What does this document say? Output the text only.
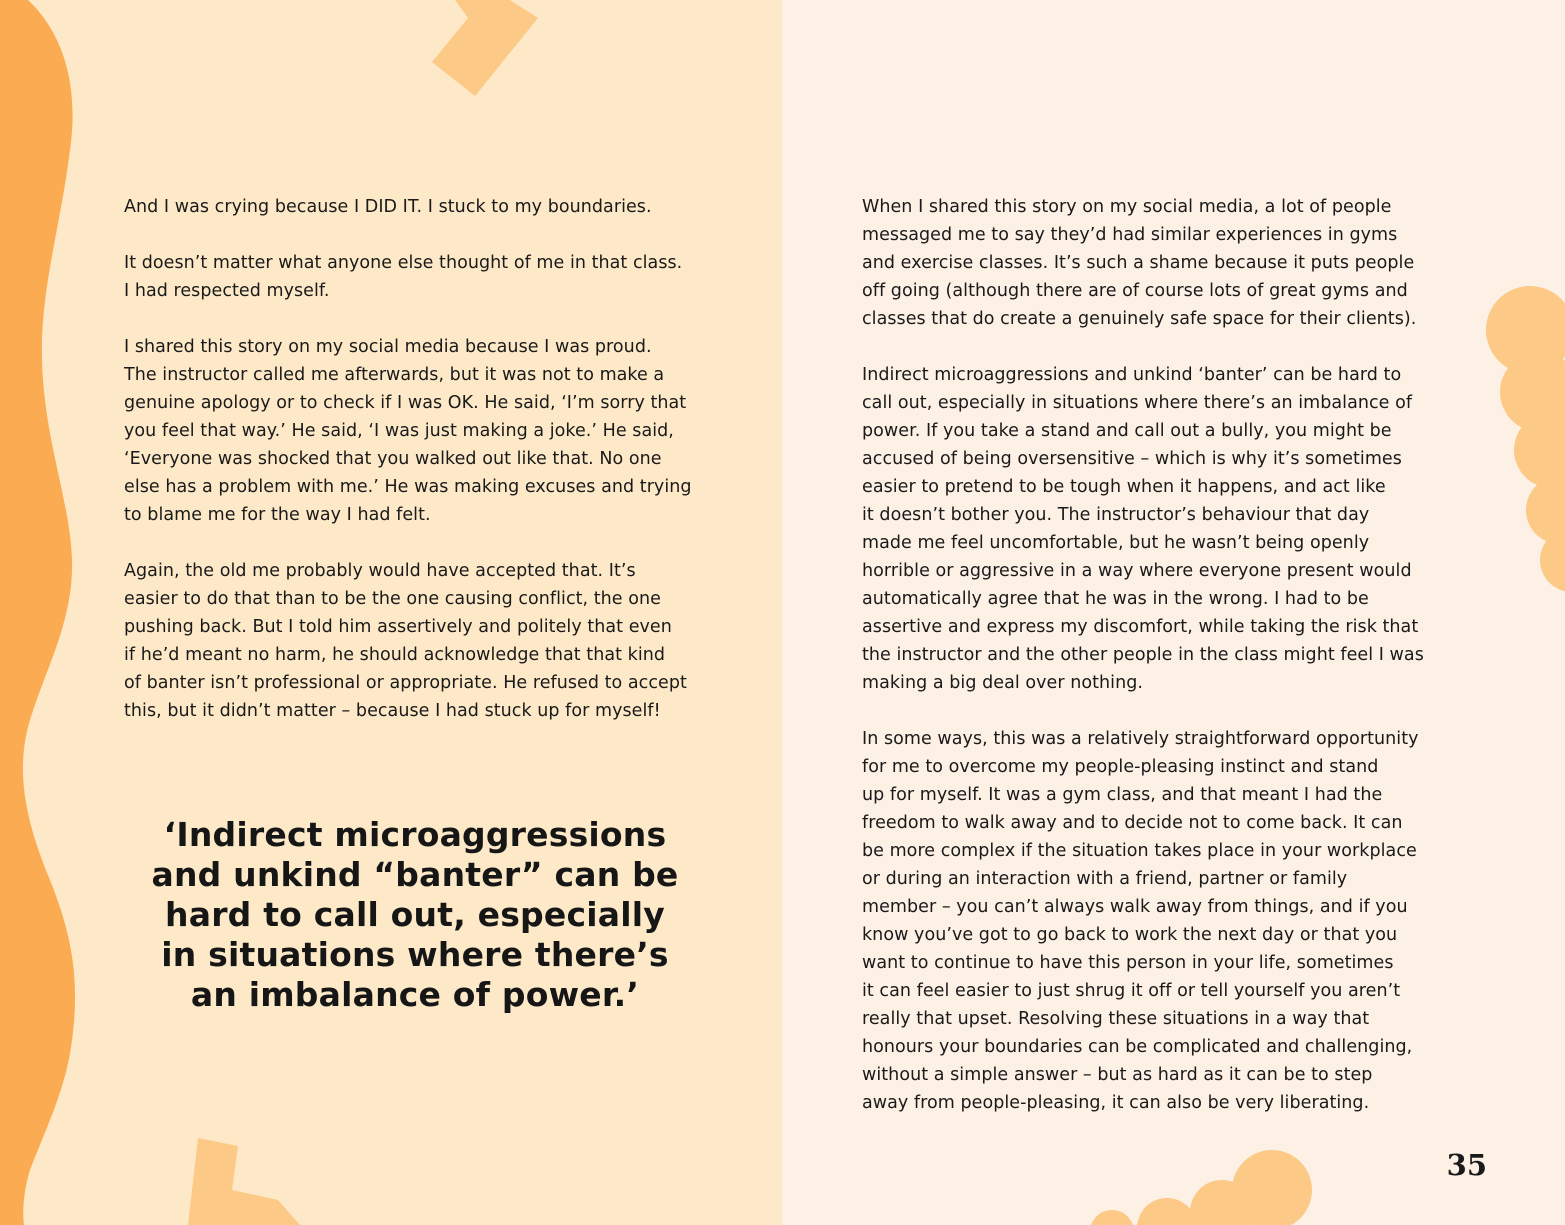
And I was crying because I DID IT. I stuck to my boundaries.

It doesn’t matter what anyone else thought of me in that class.
I had respected myself.

I shared this story on my social media because I was proud.
The instructor called me afterwards, but it was not to make a
genuine apology or to check if I was OK. He said, ‘I’m sorry that
you feel that way.’ He said, ‘I was just making a joke.’ He said,
‘Everyone was shocked that you walked out like that. No one
else has a problem with me.’ He was making excuses and trying
to blame me for the way I had felt.

Again, the old me probably would have accepted that. It’s
easier to do that than to be the one causing conflict, the one
pushing back. But I told him assertively and politely that even
if he’d meant no harm, he should acknowledge that that kind
of banter isn’t professional or appropriate. He refused to accept
this, but it didn’t matter – because I had stuck up for myself!

‘Indirect microaggressions
and unkind “banter” can be
hard to call out, especially
in situations where there’s
an imbalance of power.’

When I shared this story on my social media, a lot of people
messaged me to say they’d had similar experiences in gyms
and exercise classes. It’s such a shame because it puts people
off going (although there are of course lots of great gyms and
classes that do create a genuinely safe space for their clients).

Indirect microaggressions and unkind ‘banter’ can be hard to
call out, especially in situations where there’s an imbalance of
power. If you take a stand and call out a bully, you might be
accused of being oversensitive – which is why it’s sometimes
easier to pretend to be tough when it happens, and act like
it doesn’t bother you. The instructor’s behaviour that day
made me feel uncomfortable, but he wasn’t being openly
horrible or aggressive in a way where everyone present would
automatically agree that he was in the wrong. I had to be
assertive and express my discomfort, while taking the risk that
the instructor and the other people in the class might feel I was
making a big deal over nothing.

In some ways, this was a relatively straightforward opportunity
for me to overcome my people-pleasing instinct and stand
up for myself. It was a gym class, and that meant I had the
freedom to walk away and to decide not to come back. It can
be more complex if the situation takes place in your workplace
or during an interaction with a friend, partner or family
member – you can’t always walk away from things, and if you
know you’ve got to go back to work the next day or that you
want to continue to have this person in your life, sometimes
it can feel easier to just shrug it off or tell yourself you aren’t
really that upset. Resolving these situations in a way that
honours your boundaries can be complicated and challenging,
without a simple answer – but as hard as it can be to step
away from people-pleasing, it can also be very liberating.

35
